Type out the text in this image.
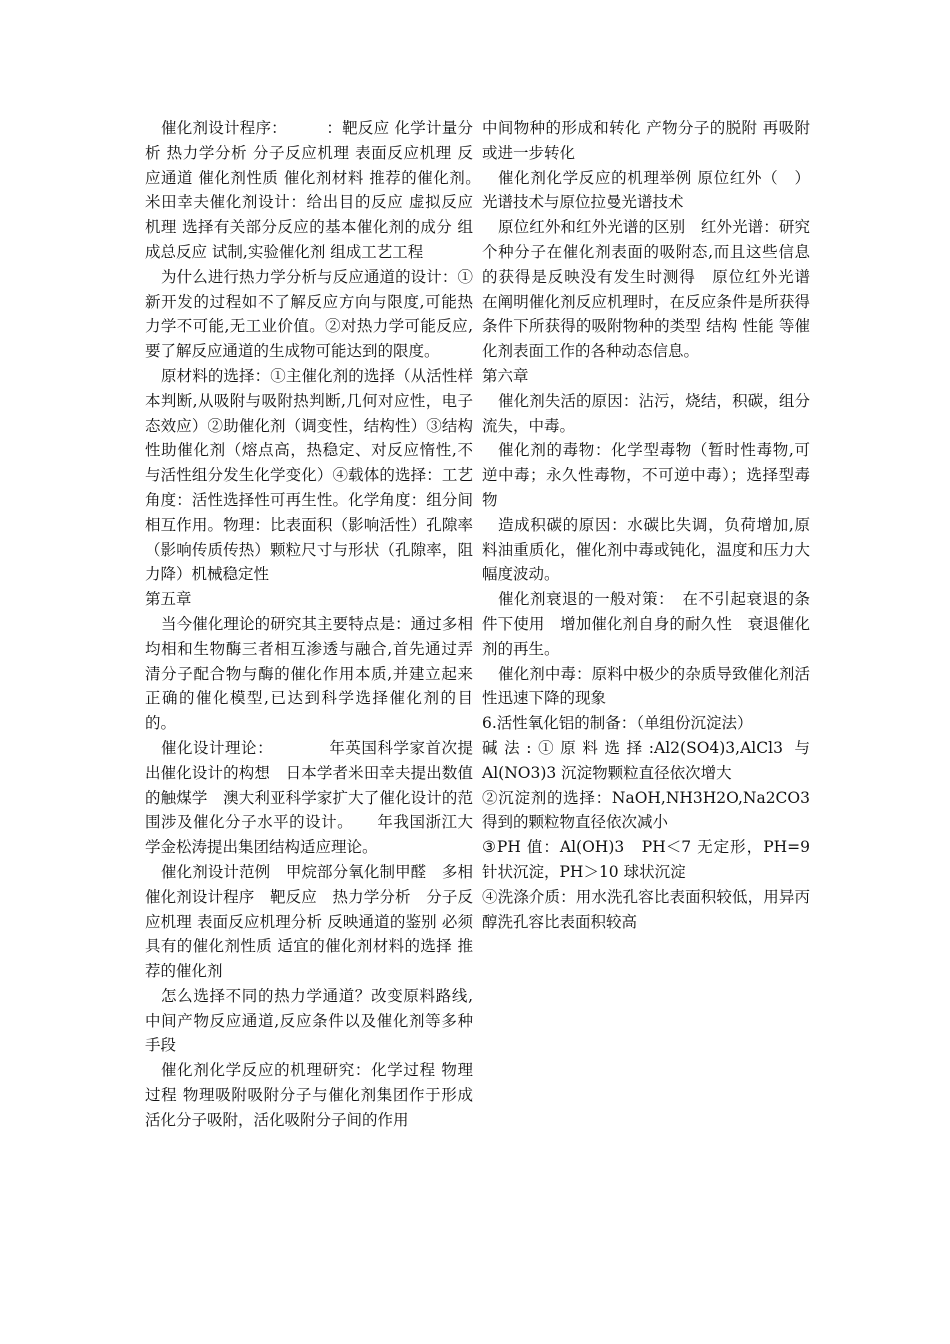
催化剂设计程序：　　　：靶反应 化学计量分析 热力学分析 分子反应机理 表面反应机理 反应通道 催化剂性质 催化剂材料 推荐的催化剂。　米田幸夫催化剂设计：给出目的反应 虚拟反应机理 选择有关部分反应的基本催化剂的成分 组成总反应 试制,实验催化剂 组成工艺工程

为什么进行热力学分析与反应通道的设计：①新开发的过程如不了解反应方向与限度,可能热力学不可能,无工业价值。②对热力学可能反应,要了解反应通道的生成物可能达到的限度。

原材料的选择：①主催化剂的选择（从活性样本判断,从吸附与吸附热判断,几何对应性，电子态效应）②助催化剂（调变性，结构性）③结构性助催化剂（熔点高，热稳定、对反应惰性,不与活性组分发生化学变化）④载体的选择：工艺角度：活性选择性可再生性。化学角度：组分间相互作用。物理：比表面积（影响活性）孔隙率（影响传质传热）颗粒尺寸与形状（孔隙率，阻力降）机械稳定性

第五章

当今催化理论的研究其主要特点是：通过多相均相和生物酶三者相互渗透与融合,首先通过弄清分子配合物与酶的催化作用本质,并建立起来正确的催化模型,已达到科学选择催化剂的目的。

催化设计理论：　　　　年英国科学家首次提出催化设计的构想　日本学者米田幸夫提出数值的触煤学　澳大利亚科学家扩大了催化设计的范围涉及催化分子水平的设计。　　年我国浙江大学金松涛提出集团结构适应理论。

催化剂设计范例　甲烷部分氧化制甲醛　多相催化剂设计程序　靶反应　热力学分析　分子反应机理 表面反应机理分析 反映通道的鉴别 必须具有的催化剂性质 适宜的催化剂材料的选择 推荐的催化剂

怎么选择不同的热力学通道？改变原料路线,中间产物反应通道,反应条件以及催化剂等多种手段

催化剂化学反应的机理研究：化学过程 物理过程 物理吸附吸附分子与催化剂集团作于形成活化分子吸附，活化吸附分子间的作用

中间物种的形成和转化 产物分子的脱附 再吸附或进一步转化

催化剂化学反应的机理举例 原位红外（　）光谱技术与原位拉曼光谱技术

原位红外和红外光谱的区别　红外光谱：研究个种分子在催化剂表面的吸附态,而且这些信息的获得是反映没有发生时测得　原位红外光谱 在阐明催化剂反应机理时，在反应条件是所获得条件下所获得的吸附物种的类型 结构 性能 等催化剂表面工作的各种动态信息。

第六章

催化剂失活的原因：沾污，烧结，积碳，组分流失，中毒。

催化剂的毒物：化学型毒物（暂时性毒物,可逆中毒；永久性毒物，不可逆中毒）；选择型毒物

造成积碳的原因：水碳比失调，负荷增加,原料油重质化，催化剂中毒或钝化，温度和压力大幅度波动。

催化剂衰退的一般对策：　在不引起衰退的条件下使用　增加催化剂自身的耐久性　衰退催化剂的再生。

催化剂中毒：原料中极少的杂质导致催化剂活性迅速下降的现象

6.活性氧化铝的制备：（单组份沉淀法）

碱法:①原料选择:Al2(SO4)3,AlCl3 与 Al(NO3)3 沉淀物颗粒直径依次增大

②沉淀剂的选择：NaOH,NH3H2O,Na2CO3 得到的颗粒物直径依次减小

③PH 值：Al(OH)3　PH＜7 无定形，PH=9 针状沉淀，PH＞10 球状沉淀

④洗涤介质：用水洗孔容比表面积较低，用异丙醇洗孔容比表面积较高
